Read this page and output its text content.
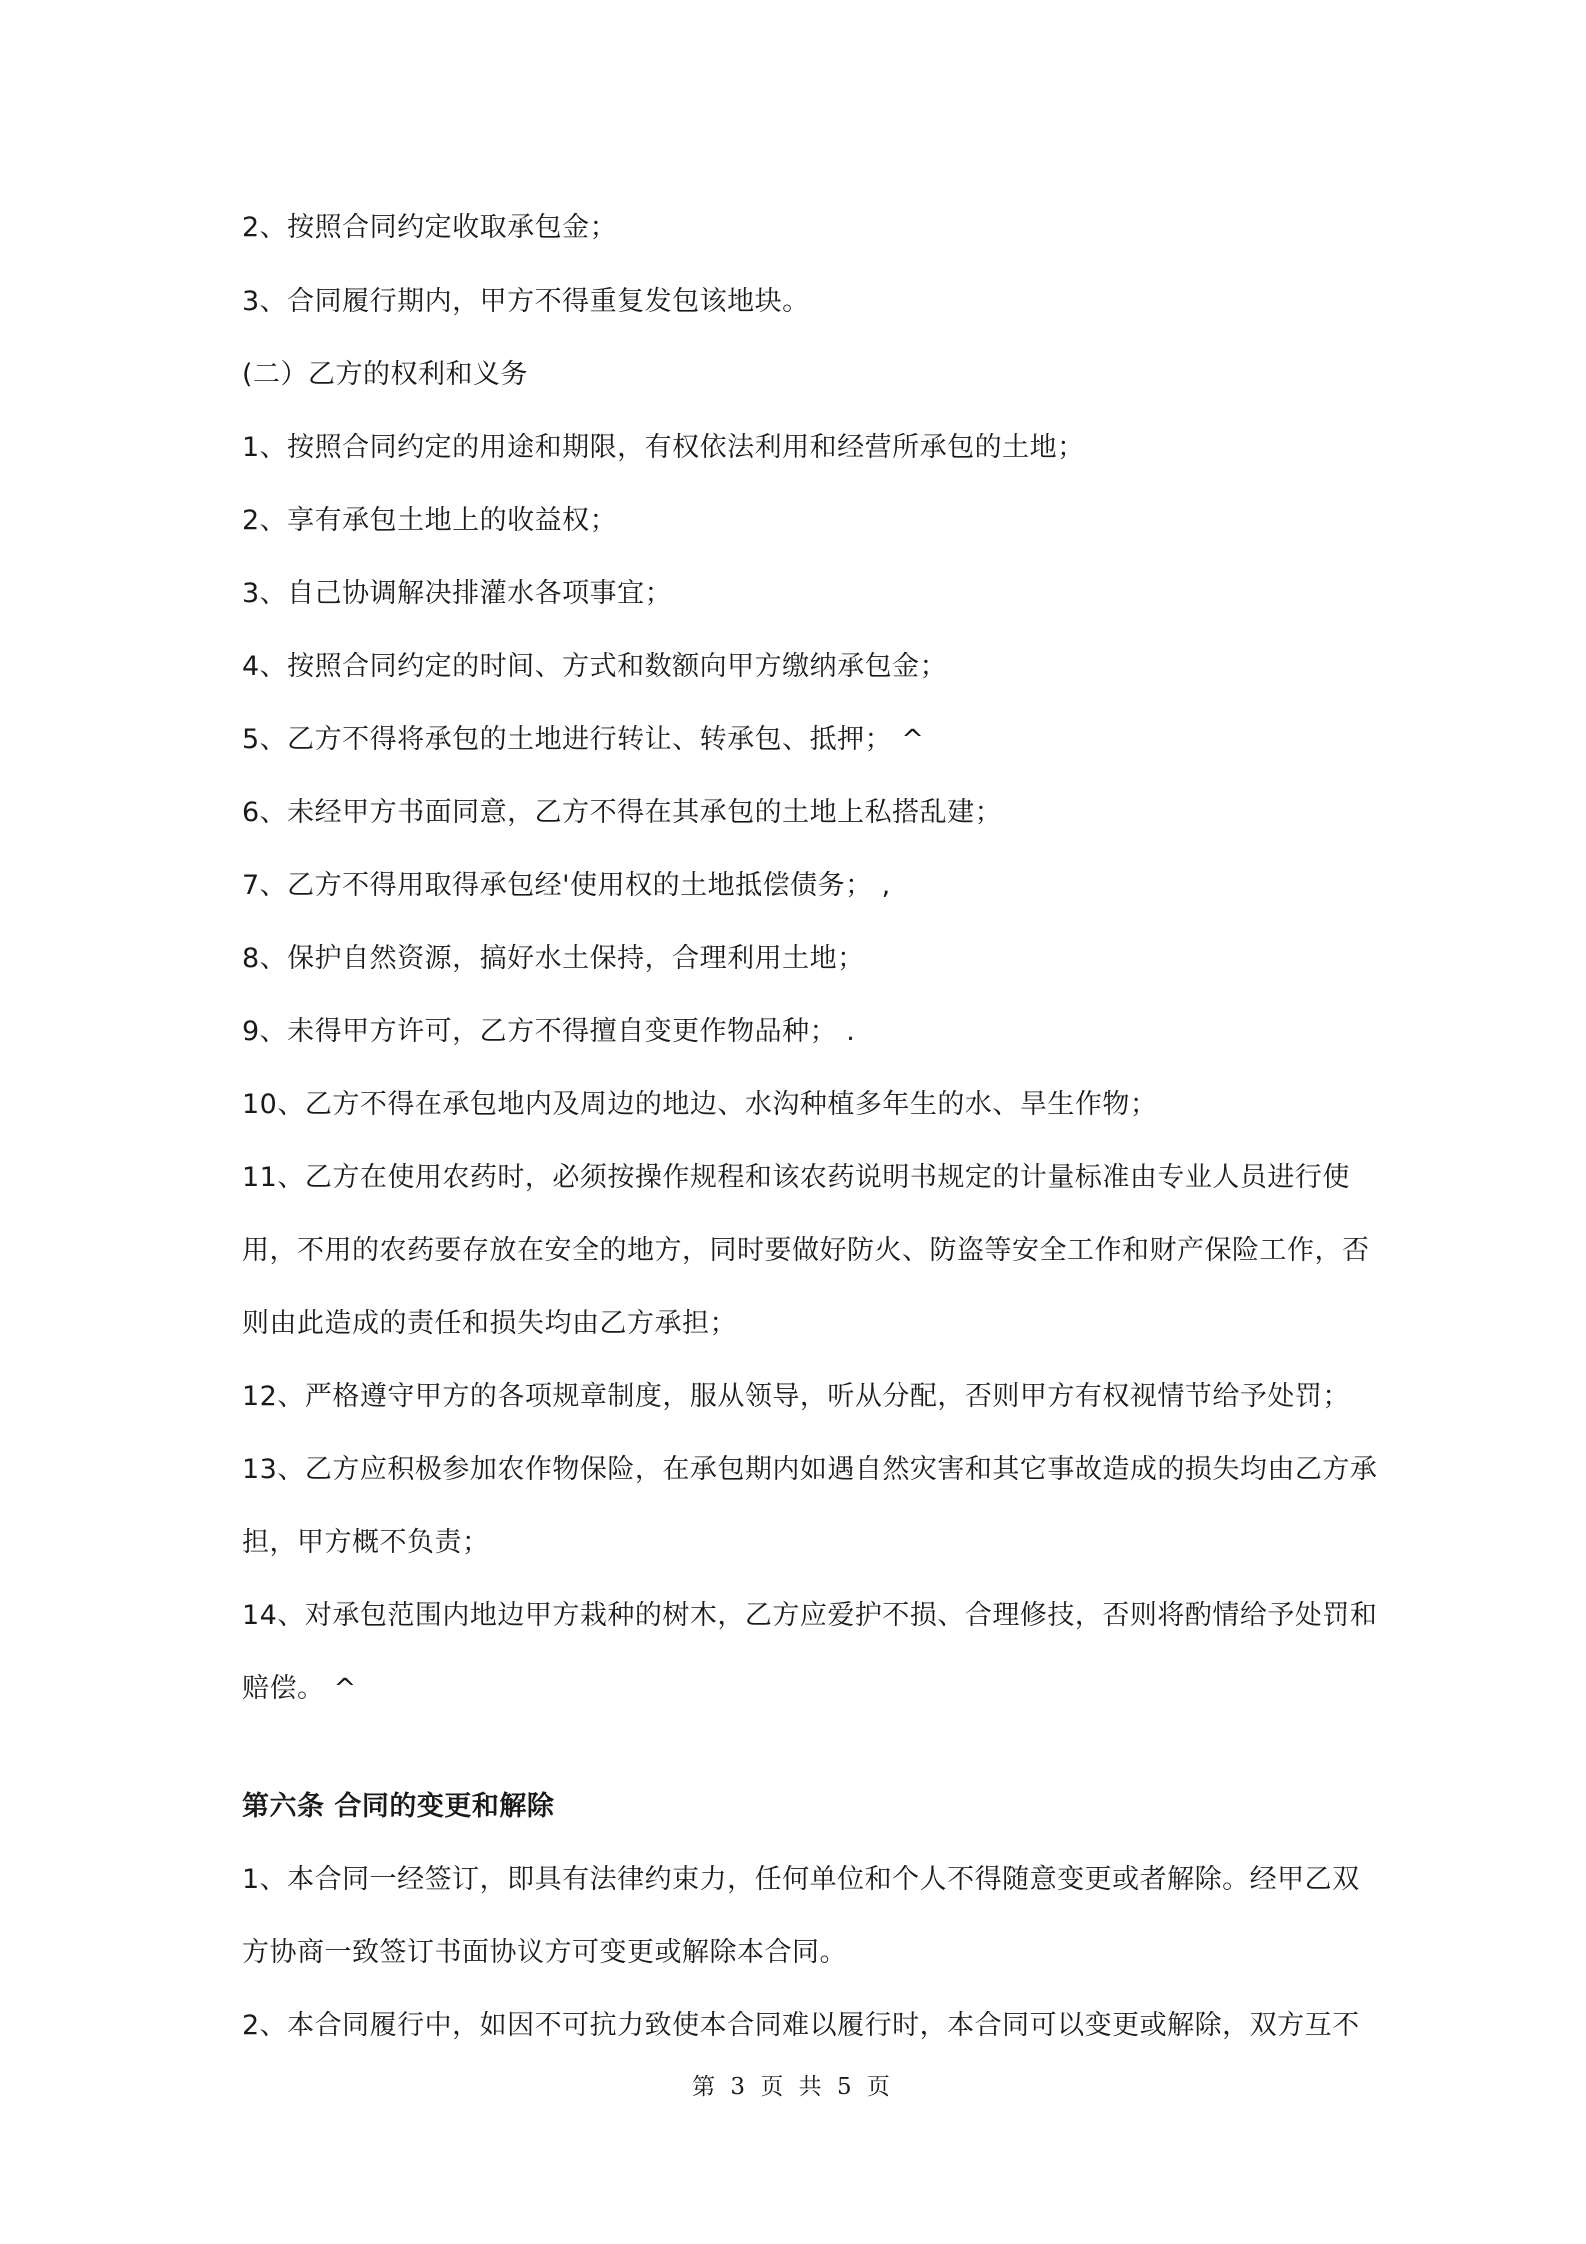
2、按照合同约定收取承包金；
3、合同履行期内，甲方不得重复发包该地块。
(二）乙方的权利和义务
1、按照合同约定的用途和期限，有权依法利用和经营所承包的土地；
2、享有承包土地上的收益权；
3、自己协调解决排灌水各项事宜；
4、按照合同约定的时间、方式和数额向甲方缴纳承包金；
5、乙方不得将承包的土地进行转让、转承包、抵押； ^
6、未经甲方书面同意，乙方不得在其承包的土地上私搭乱建；
7、乙方不得用取得承包经'使用权的土地抵偿债务； ,
8、保护自然资源，搞好水土保持，合理利用土地；
9、未得甲方许可，乙方不得擅自变更作物品种； .
10、乙方不得在承包地内及周边的地边、水沟种植多年生的水、旱生作物；
11、乙方在使用农药时，必须按操作规程和该农药说明书规定的计量标准由专业人员进行使
用，不用的农药要存放在安全的地方，同时要做好防火、防盗等安全工作和财产保险工作，否
则由此造成的责任和损失均由乙方承担；
12、严格遵守甲方的各项规章制度，服从领导，听从分配，否则甲方有权视情节给予处罚；
13、乙方应积极参加农作物保险，在承包期内如遇自然灾害和其它事故造成的损失均由乙方承
担，甲方概不负责；
14、对承包范围内地边甲方栽种的树木，乙方应爱护不损、合理修技，否则将酌情给予处罚和
赔偿。 ^
第六条 合同的变更和解除
1、本合同一经签订，即具有法律约束力，任何单位和个人不得随意变更或者解除。经甲乙双
方协商一致签订书面协议方可变更或解除本合同。
2、本合同履行中，如因不可抗力致使本合同难以履行时，本合同可以变更或解除，双方互不
第 3 页 共 5 页
